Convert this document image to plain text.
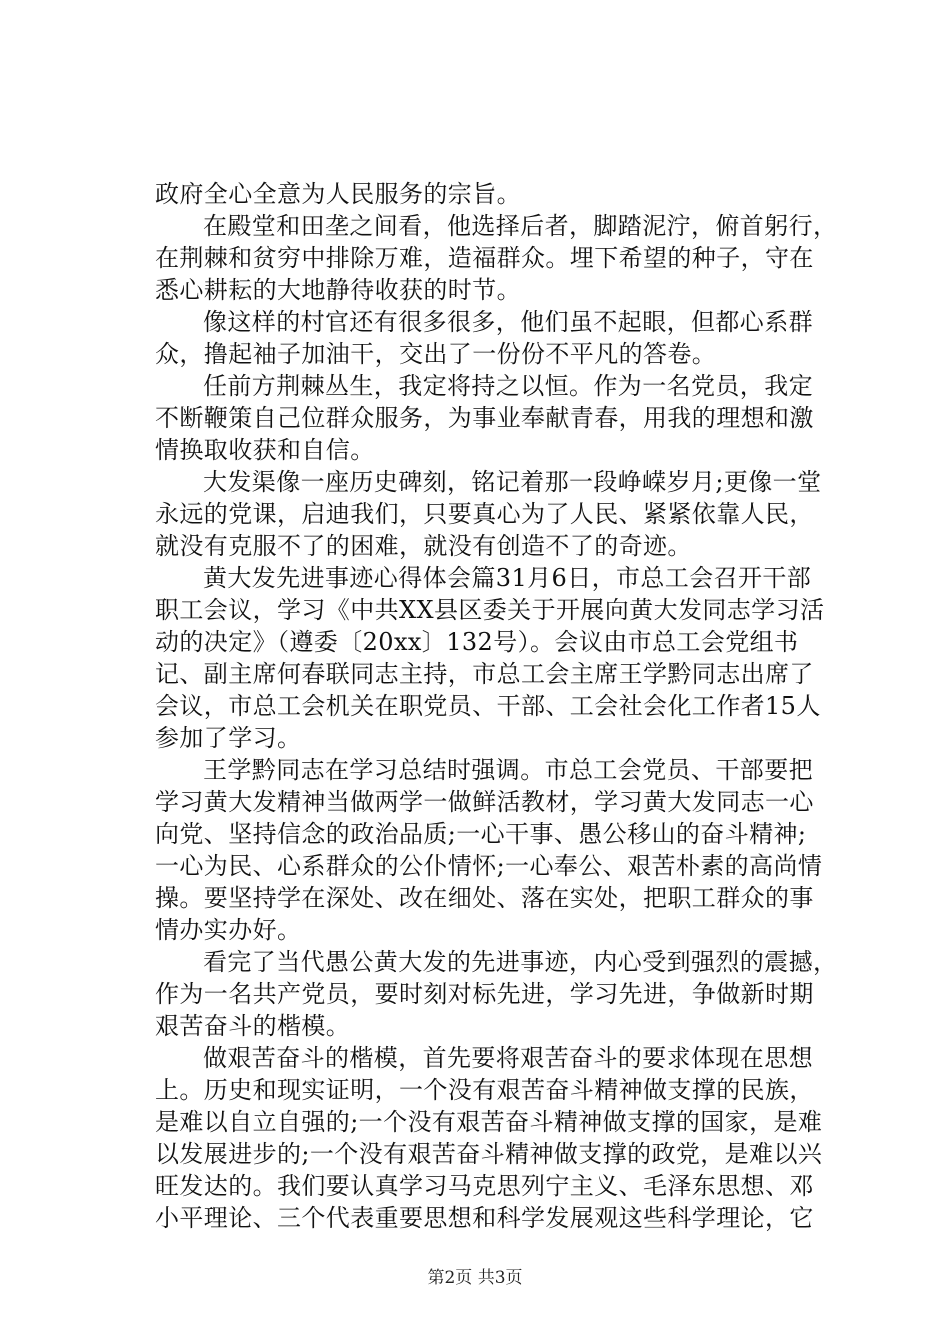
政府全心全意为人民服务的宗旨。
在殿堂和田垄之间看，他选择后者，脚踏泥泞，俯首躬行，
在荆棘和贫穷中排除万难，造福群众。埋下希望的种子，守在
悉心耕耘的大地静待收获的时节。
像这样的村官还有很多很多，他们虽不起眼，但都心系群
众，撸起袖子加油干，交出了一份份不平凡的答卷。
任前方荆棘丛生，我定将持之以恒。作为一名党员，我定
不断鞭策自己位群众服务，为事业奉献青春，用我的理想和激
情换取收获和自信。
大发渠像一座历史碑刻，铭记着那一段峥嵘岁月;更像一堂
永远的党课，启迪我们，只要真心为了人民、紧紧依靠人民，
就没有克服不了的困难，就没有创造不了的奇迹。
黄大发先进事迹心得体会篇31月6日，市总工会召开干部
职工会议，学习《中共XX县区委关于开展向黄大发同志学习活
动的决定》（遵委〔20xx〕132号）。会议由市总工会党组书
记、副主席何春联同志主持，市总工会主席王学黔同志出席了
会议，市总工会机关在职党员、干部、工会社会化工作者15人
参加了学习。
王学黔同志在学习总结时强调。市总工会党员、干部要把
学习黄大发精神当做两学一做鲜活教材，学习黄大发同志一心
向党、坚持信念的政治品质;一心干事、愚公移山的奋斗精神;
一心为民、心系群众的公仆情怀;一心奉公、艰苦朴素的高尚情
操。要坚持学在深处、改在细处、落在实处，把职工群众的事
情办实办好。
看完了当代愚公黄大发的先进事迹，内心受到强烈的震撼，
作为一名共产党员，要时刻对标先进，学习先进，争做新时期
艰苦奋斗的楷模。
做艰苦奋斗的楷模，首先要将艰苦奋斗的要求体现在思想
上。历史和现实证明，一个没有艰苦奋斗精神做支撑的民族，
是难以自立自强的;一个没有艰苦奋斗精神做支撑的国家，是难
以发展进步的;一个没有艰苦奋斗精神做支撑的政党，是难以兴
旺发达的。我们要认真学习马克思列宁主义、毛泽东思想、邓
小平理论、三个代表重要思想和科学发展观这些科学理论，它
第2页 共3页
